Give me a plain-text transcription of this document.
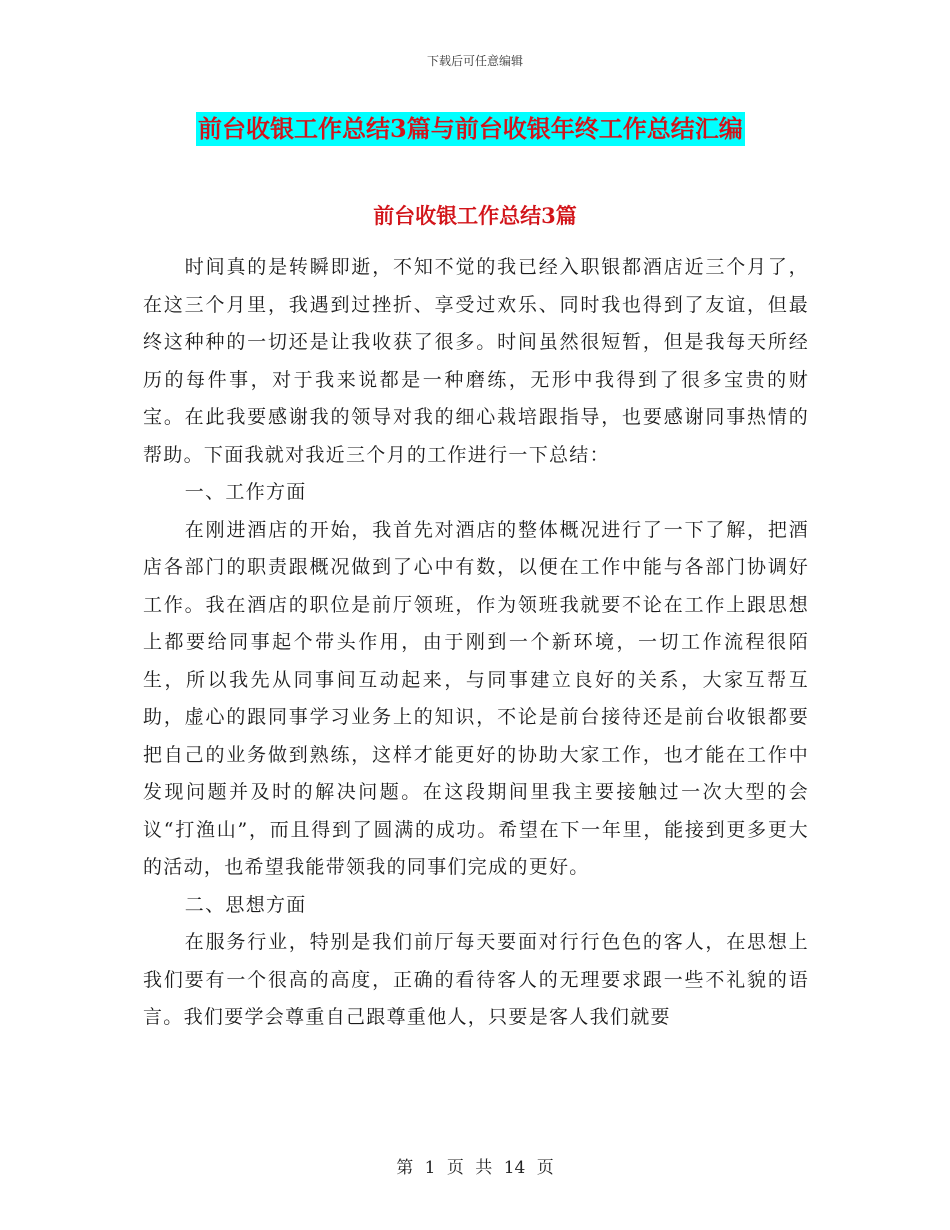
下载后可任意编辑
前台收银工作总结3篇与前台收银年终工作总结汇编
前台收银工作总结3篇

时间真的是转瞬即逝，不知不觉的我已经入职银都酒店近三个月了，在这三个月里，我遇到过挫折、享受过欢乐、同时我也得到了友谊，但最终这种种的一切还是让我收获了很多。时间虽然很短暂，但是我每天所经历的每件事，对于我来说都是一种磨练，无形中我得到了很多宝贵的财宝。在此我要感谢我的领导对我的细心栽培跟指导，也要感谢同事热情的帮助。下面我就对我近三个月的工作进行一下总结：

一、工作方面

在刚进酒店的开始，我首先对酒店的整体概况进行了一下了解，把酒店各部门的职责跟概况做到了心中有数，以便在工作中能与各部门协调好工作。我在酒店的职位是前厅领班，作为领班我就要不论在工作上跟思想上都要给同事起个带头作用，由于刚到一个新环境，一切工作流程很陌生，所以我先从同事间互动起来，与同事建立良好的关系，大家互帮互助，虚心的跟同事学习业务上的知识，不论是前台接待还是前台收银都要把自己的业务做到熟练，这样才能更好的协助大家工作，也才能在工作中发现问题并及时的解决问题。在这段期间里我主要接触过一次大型的会议“打渔山”，而且得到了圆满的成功。希望在下一年里，能接到更多更大的活动，也希望我能带领我的同事们完成的更好。

二、思想方面

在服务行业，特别是我们前厅每天要面对行行色色的客人，在思想上我们要有一个很高的高度，正确的看待客人的无理要求跟一些不礼貌的语言。我们要学会尊重自己跟尊重他人，只要是客人我们就要

第 1 页 共 14 页
